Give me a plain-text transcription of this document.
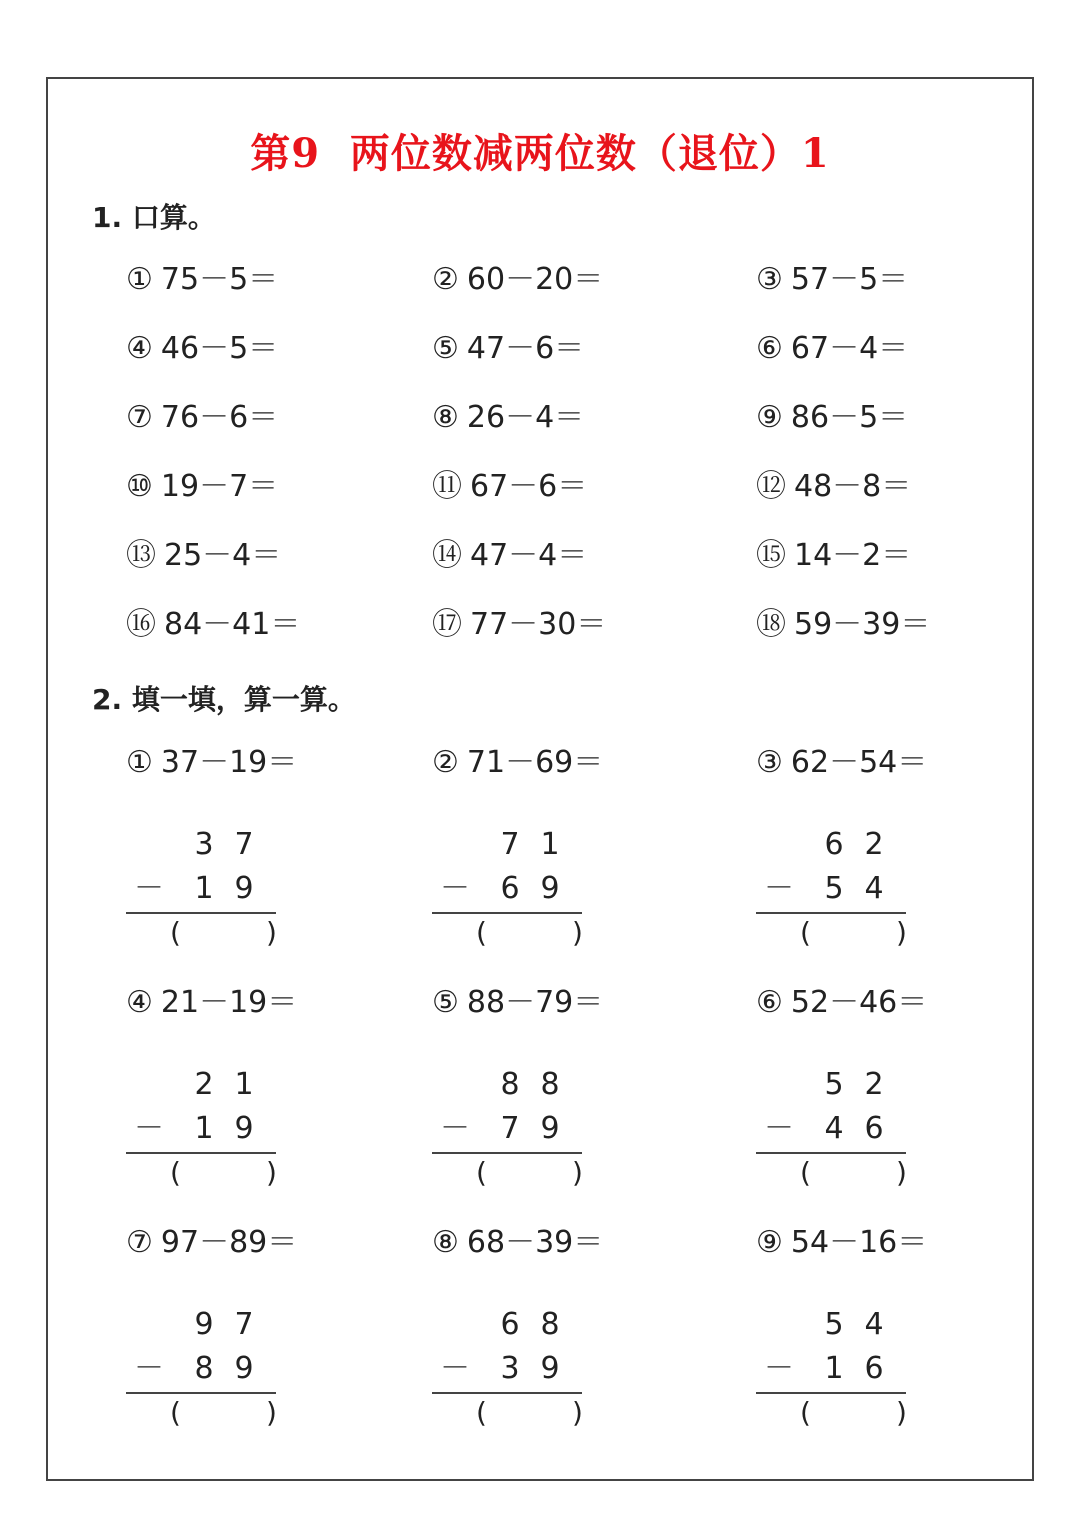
第9  两位数减两位数（退位）1
1. 口算。
① 75－5＝	② 60－20＝	③ 57－5＝
④ 46－5＝	⑤ 47－6＝	⑥ 67－4＝
⑦ 76－6＝	⑧ 26－4＝	⑨ 86－5＝
⑩ 19－7＝	⑪ 67－6＝	⑫ 48－8＝
⑬ 25－4＝	⑭ 47－4＝	⑮ 14－2＝
⑯ 84－41＝	⑰ 77－30＝	⑱ 59－39＝
2. 填一填，算一算。
① 37－19＝
3 7
－ 1 9
(	)
② 71－69＝
7 1
－ 6 9
(	)
③ 62－54＝
6 2
－ 5 4
(	)
④ 21－19＝
2 1
－ 1 9
(	)
⑤ 88－79＝
8 8
－ 7 9
(	)
⑥ 52－46＝
5 2
－ 4 6
(	)
⑦ 97－89＝
9 7
－ 8 9
(	)
⑧ 68－39＝
6 8
－ 3 9
(	)
⑨ 54－16＝
5 4
－ 1 6
(	)
